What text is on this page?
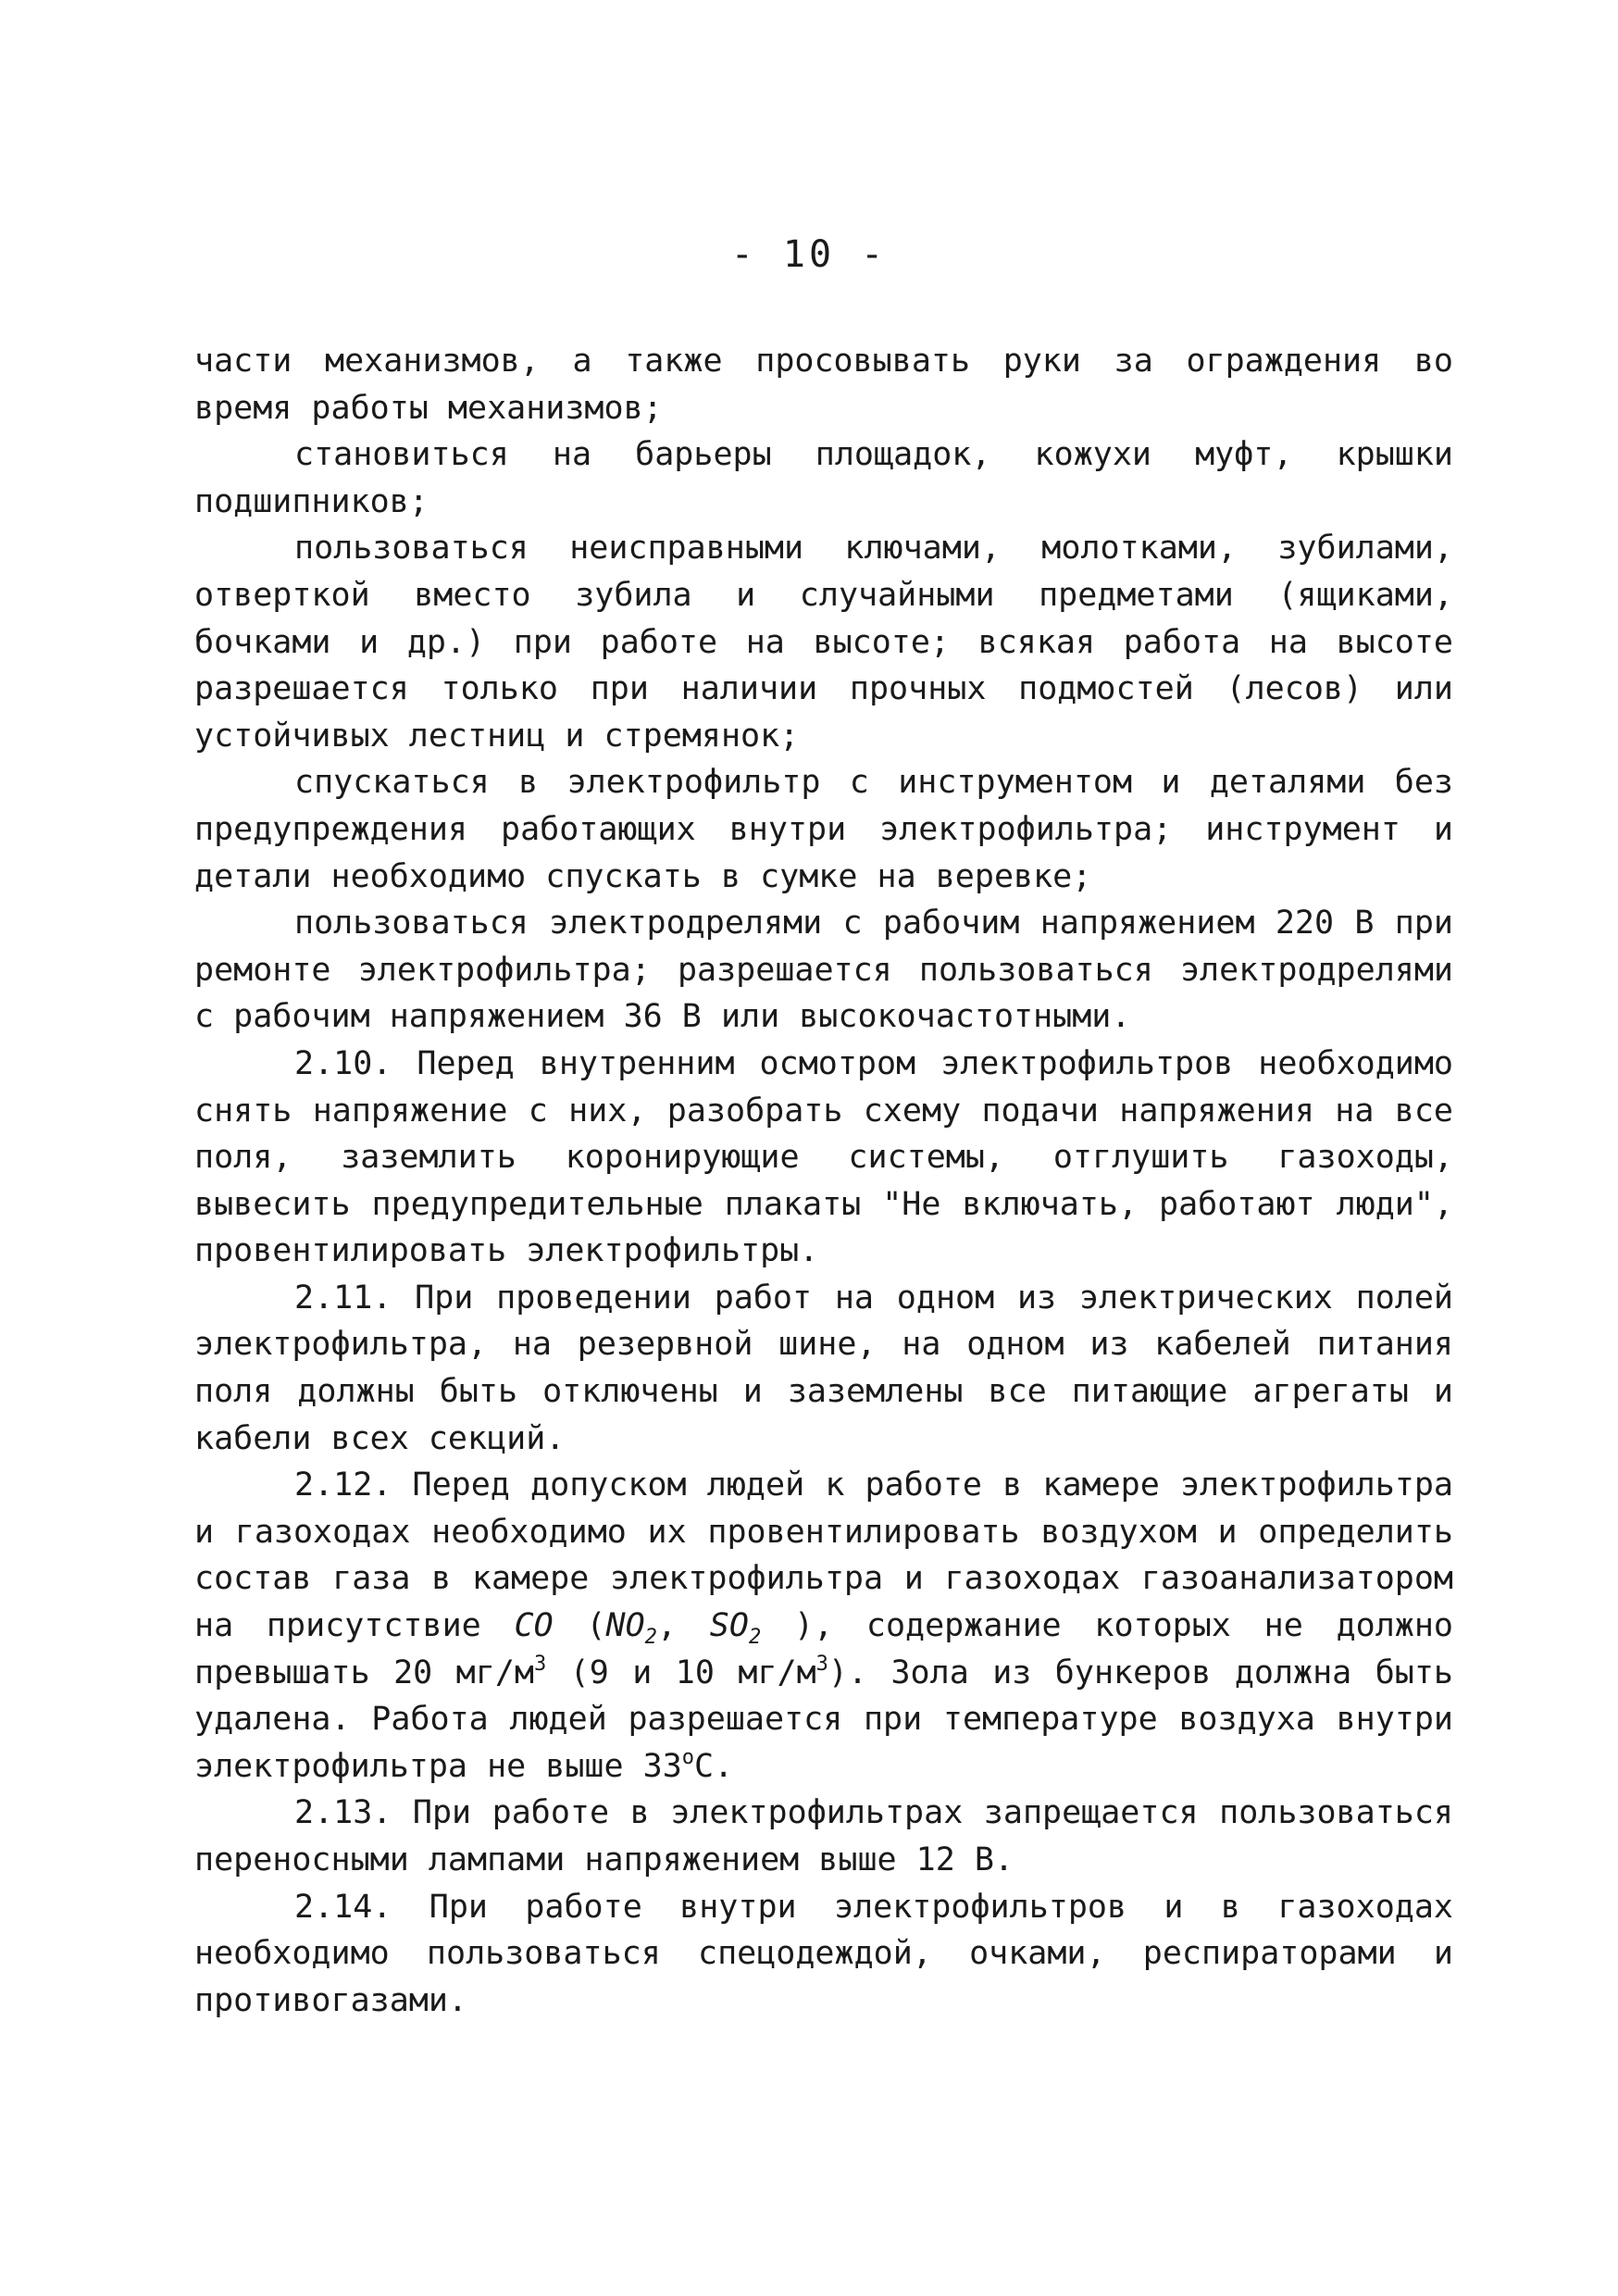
- 10 -

части механизмов, а также просовывать руки за ограждения во время работы механизмов;

становиться на барьеры площадок, кожухи муфт, крышки подшипников;

пользоваться неисправными ключами, молотками, зубилами, отверткой вместо зубила и случайными предметами (ящиками, бочками и др.) при работе на высоте; всякая работа на высоте разрешается только при наличии прочных подмостей (лесов) или устойчивых лестниц и стремянок;

спускаться в электрофильтр с инструментом и деталями без предупреждения работающих внутри электрофильтра; инструмент и детали необходимо спускать в сумке на веревке;

пользоваться электродрелями с рабочим напряжением 220 В при ремонте электрофильтра; разрешается пользоваться электродрелями с рабочим напряжением 36 В или высокочастотными.

2.10. Перед внутренним осмотром электрофильтров необходимо снять напряжение с них, разобрать схему подачи напряжения на все поля, заземлить коронирующие системы, отглушить газоходы, вывесить предупредительные плакаты "Не включать, работают люди", провентилировать электрофильтры.

2.11. При проведении работ на одном из электрических полей электрофильтра, на резервной шине, на одном из кабелей питания поля должны быть отключены и заземлены все питающие агрегаты и кабели всех секций.

2.12. Перед допуском людей к работе в камере электрофильтра и газоходах необходимо их провентилировать воздухом и определить состав газа в камере электрофильтра и газоходах газоанализатором на присутствие CO ($NO_2$, $SO_2$ ), содержание которых не должно превышать 20 $мг/м^3$ (9 и 10 $мг/м^3$). Зола из бункеров должна быть удалена. Работа людей разрешается при температуре воздуха внутри электрофильтра не выше $33^оС$.

2.13. При работе в электрофильтрах запрещается пользоваться переносными лампами напряжением выше 12 В.

2.14. При работе внутри электрофильтров и в газоходах необходимо пользоваться спецодеждой, очками, респираторами и противогазами.
